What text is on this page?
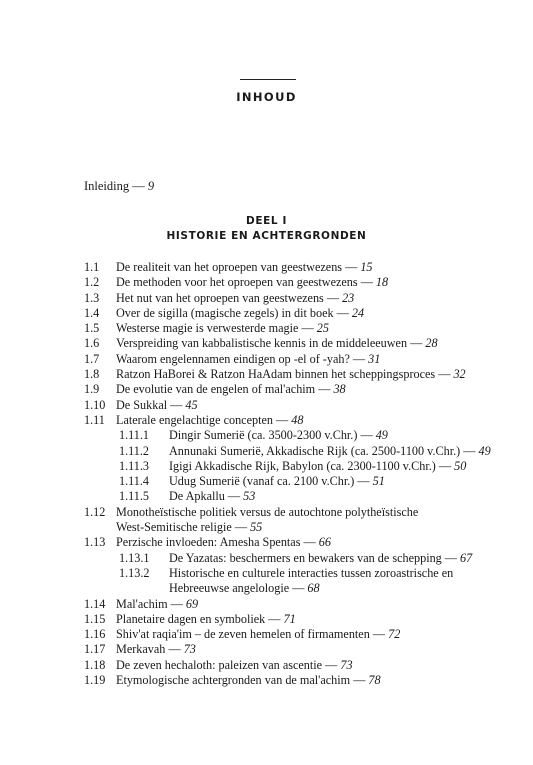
INHOUD
Inleiding — 9
DEEL I
HISTORIE EN ACHTERGRONDEN
1.1	De realiteit van het oproepen van geestwezens — 15
1.2	De methoden voor het oproepen van geestwezens — 18
1.3	Het nut van het oproepen van geestwezens — 23
1.4	Over de sigilla (magische zegels) in dit boek — 24
1.5	Westerse magie is verwesterde magie — 25
1.6	Verspreiding van kabbalistische kennis in de middeleeuwen — 28
1.7	Waarom engelennamen eindigen op -el of -yah? — 31
1.8	Ratzon HaBorei & Ratzon HaAdam binnen het scheppingsproces — 32
1.9	De evolutie van de engelen of mal'achim — 38
1.10 De Sukkal — 45
1.11 Laterale engelachtige concepten — 48
1.11.1	Dingir Sumerië (ca. 3500-2300 v.Chr.) — 49
1.11.2	Annunaki Sumerië, Akkadische Rijk (ca. 2500-1100 v.Chr.) — 49
1.11.3	Igigi Akkadische Rijk, Babylon (ca. 2300-1100 v.Chr.) — 50
1.11.4	Udug Sumerië (vanaf ca. 2100 v.Chr.) — 51
1.11.5	De Apkallu — 53
1.12 Monotheïstische politiek versus de autochtone polytheïstische
West-Semitische religie — 55
1.13 Perzische invloeden: Amesha Spentas — 66
1.13.1	De Yazatas: beschermers en bewakers van de schepping — 67
1.13.2	Historische en culturele interacties tussen zoroastrische en
Hebreeuwse angelologie — 68
1.14 Mal'achim — 69
1.15 Planetaire dagen en symboliek — 71
1.16 Shiv'at raqia'im – de zeven hemelen of firmamenten — 72
1.17 Merkavah — 73
1.18 De zeven hechaloth: paleizen van ascentie — 73
1.19 Etymologische achtergronden van de mal'achim — 78
